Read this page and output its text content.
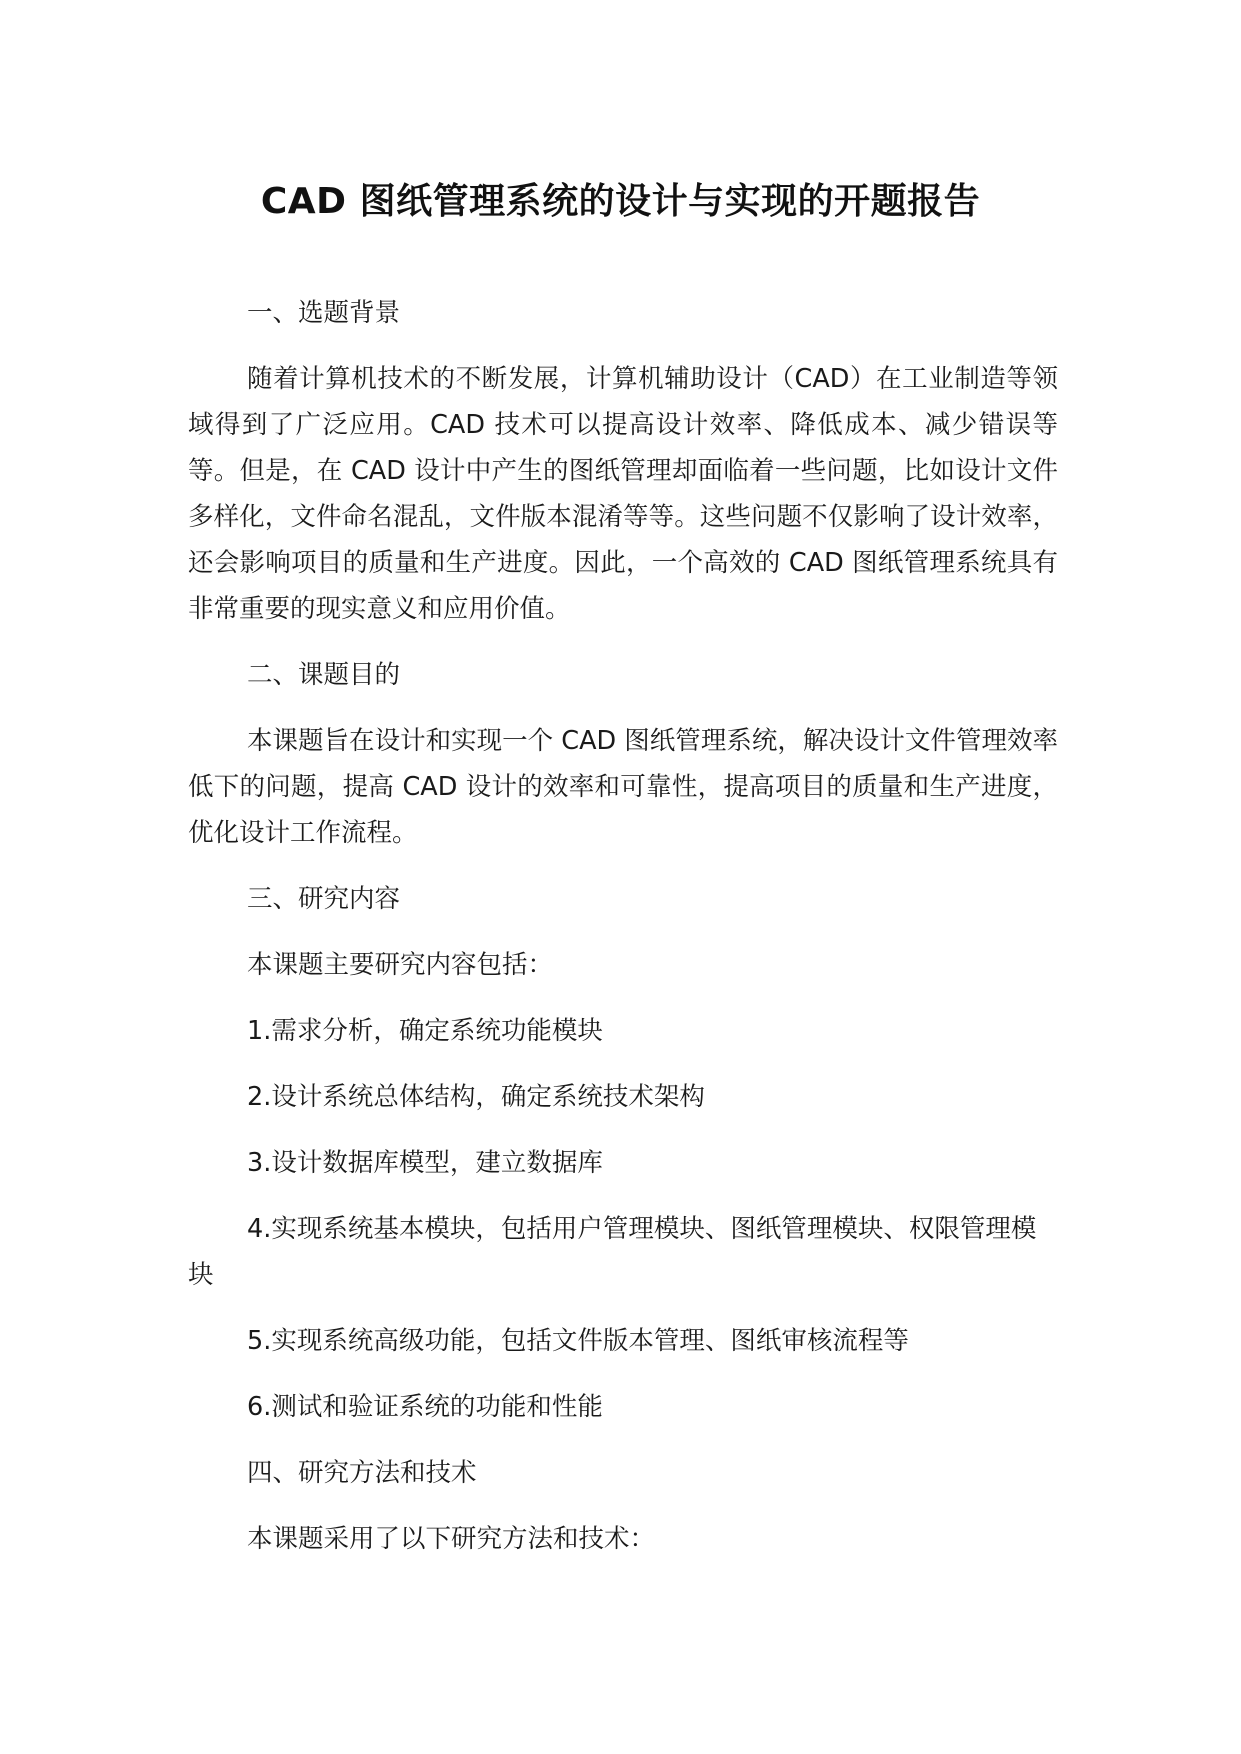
CAD 图纸管理系统的设计与实现的开题报告

一、选题背景

随着计算机技术的不断发展，计算机辅助设计（CAD）在工业制造等领域得到了广泛应用。CAD 技术可以提高设计效率、降低成本、减少错误等等。但是，在 CAD 设计中产生的图纸管理却面临着一些问题，比如设计文件多样化，文件命名混乱，文件版本混淆等等。这些问题不仅影响了设计效率，还会影响项目的质量和生产进度。因此，一个高效的 CAD 图纸管理系统具有非常重要的现实意义和应用价值。

二、课题目的

本课题旨在设计和实现一个 CAD 图纸管理系统，解决设计文件管理效率低下的问题，提高 CAD 设计的效率和可靠性，提高项目的质量和生产进度，优化设计工作流程。

三、研究内容

本课题主要研究内容包括：

1.需求分析，确定系统功能模块

2.设计系统总体结构，确定系统技术架构

3.设计数据库模型，建立数据库

4.实现系统基本模块，包括用户管理模块、图纸管理模块、权限管理模块

5.实现系统高级功能，包括文件版本管理、图纸审核流程等

6.测试和验证系统的功能和性能

四、研究方法和技术

本课题采用了以下研究方法和技术：
